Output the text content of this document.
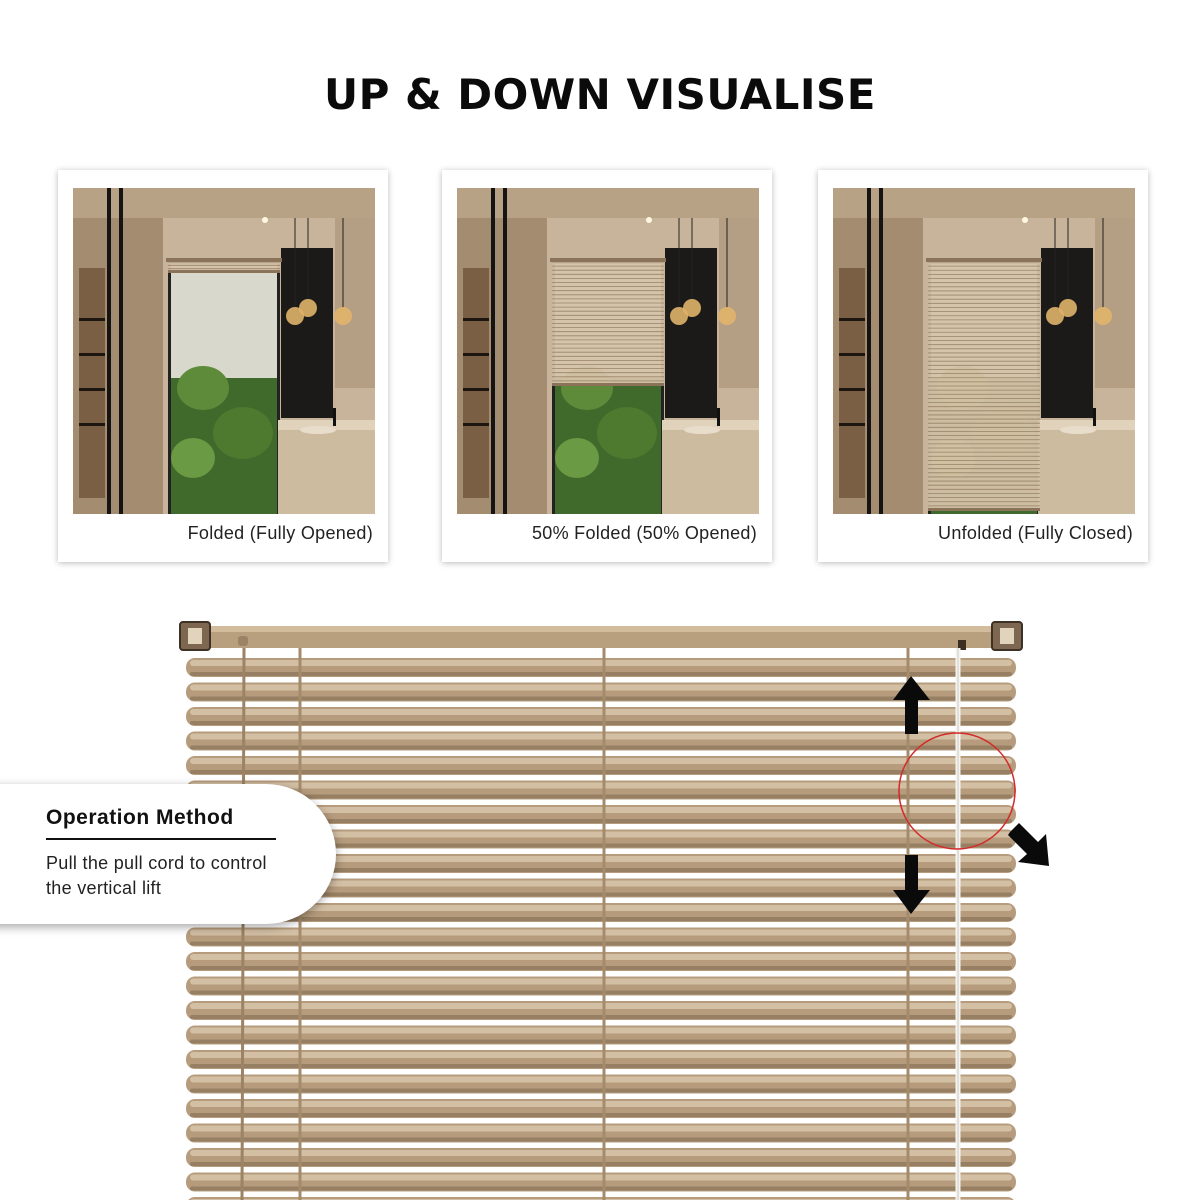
UP & DOWN VISUALISE
Folded (Fully Opened)	50% Folded (50% Opened)	Unfolded (Fully Closed)
Operation Method
Pull the pull cord to control the vertical lift
